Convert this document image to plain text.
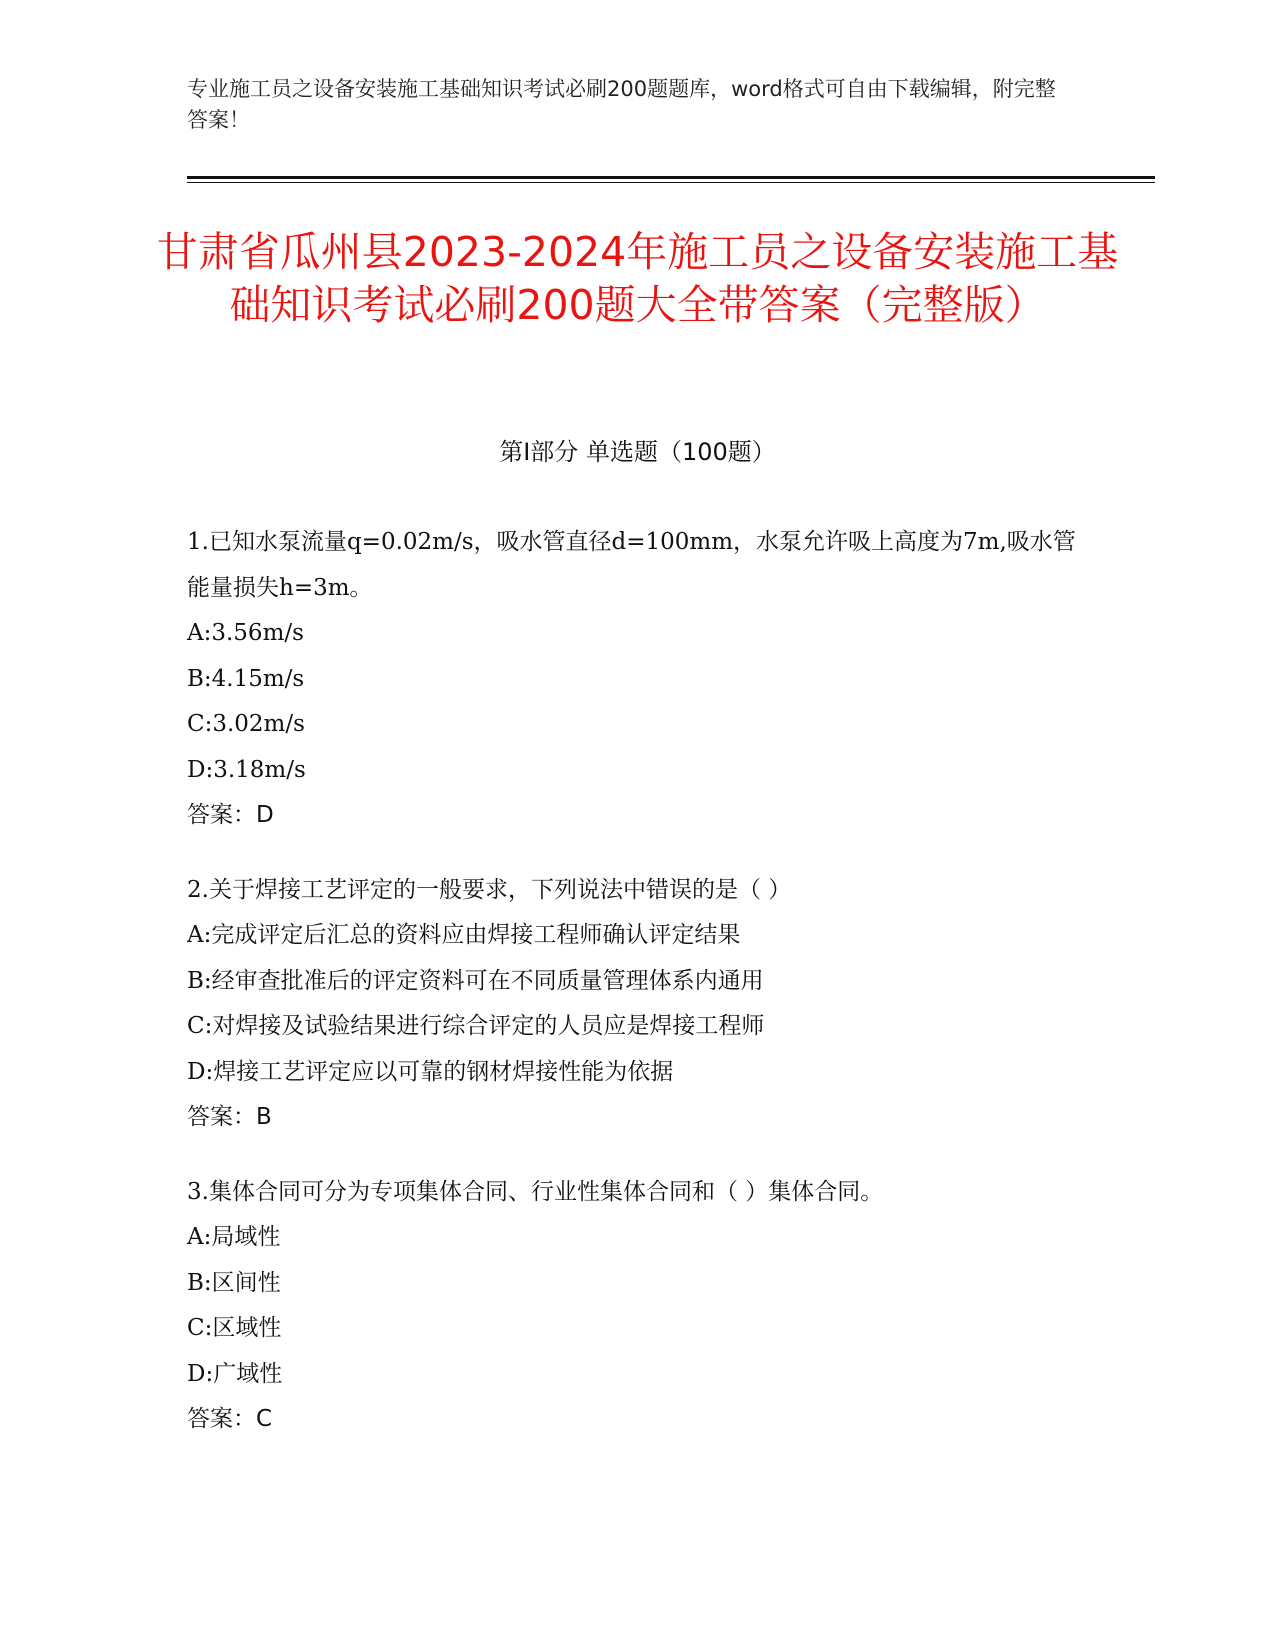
专业施工员之设备安装施工基础知识考试必刷200题题库，word格式可自由下载编辑，附完整答案！
甘肃省瓜州县2023-2024年施工员之设备安装施工基础知识考试必刷200题大全带答案（完整版）
第Ⅰ部分 单选题（100题）
1.已知水泵流量q=0.02m/s，吸水管直径d=100mm，水泵允许吸上高度为7m,吸水管能量损失h=3m。
A:3.56m/s
B:4.15m/s
C:3.02m/s
D:3.18m/s
答案：D
2.关于焊接工艺评定的一般要求，下列说法中错误的是（ ）
A:完成评定后汇总的资料应由焊接工程师确认评定结果
B:经审查批准后的评定资料可在不同质量管理体系内通用
C:对焊接及试验结果进行综合评定的人员应是焊接工程师
D:焊接工艺评定应以可靠的钢材焊接性能为依据
答案：B
3.集体合同可分为专项集体合同、行业性集体合同和（ ）集体合同。
A:局域性
B:区间性
C:区域性
D:广域性
答案：C
